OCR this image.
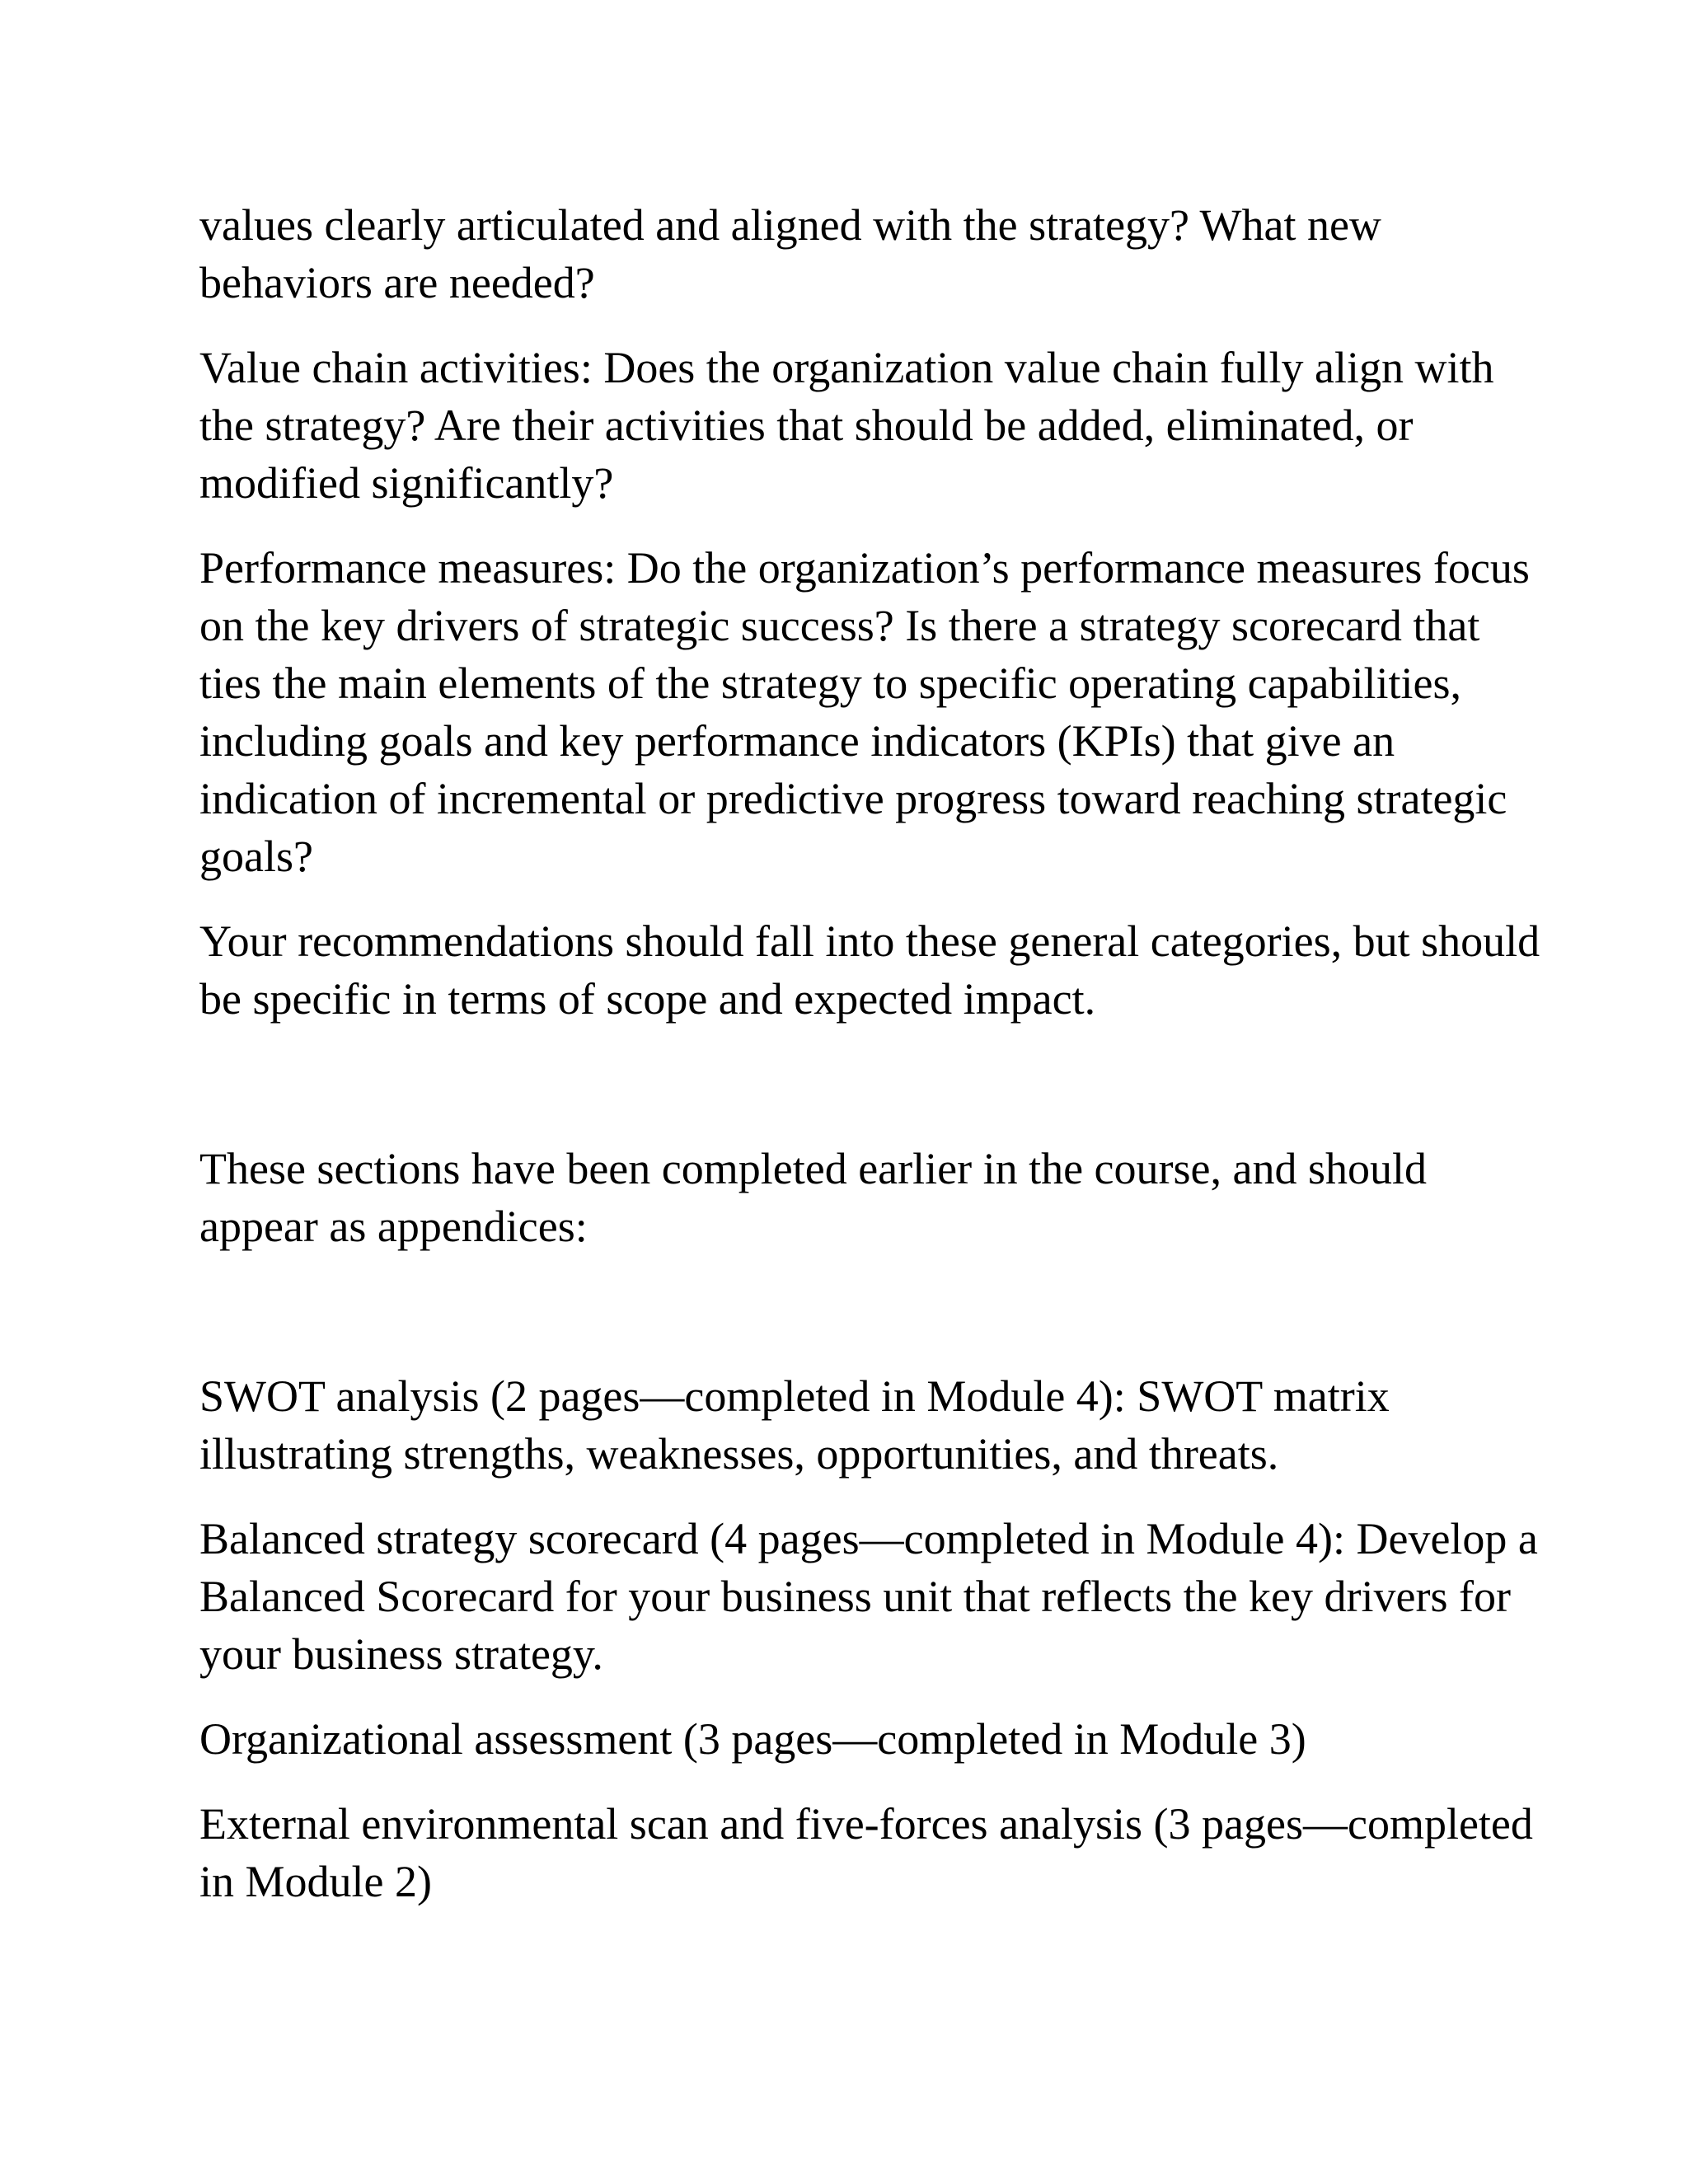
values clearly articulated and aligned with the strategy? What new behaviors are needed?

Value chain activities: Does the organization value chain fully align with the strategy? Are their activities that should be added, eliminated, or modified significantly?

Performance measures: Do the organization’s performance measures focus on the key drivers of strategic success? Is there a strategy scorecard that ties the main elements of the strategy to specific operating capabilities, including goals and key performance indicators (KPIs) that give an indication of incremental or predictive progress toward reaching strategic goals?

Your recommendations should fall into these general categories, but should be specific in terms of scope and expected impact.

These sections have been completed earlier in the course, and should appear as appendices:

SWOT analysis (2 pages—completed in Module 4): SWOT matrix illustrating strengths, weaknesses, opportunities, and threats.

Balanced strategy scorecard (4 pages—completed in Module 4): Develop a Balanced Scorecard for your business unit that reflects the key drivers for your business strategy.

Organizational assessment (3 pages—completed in Module 3)

External environmental scan and five-forces analysis (3 pages—completed in Module 2)
